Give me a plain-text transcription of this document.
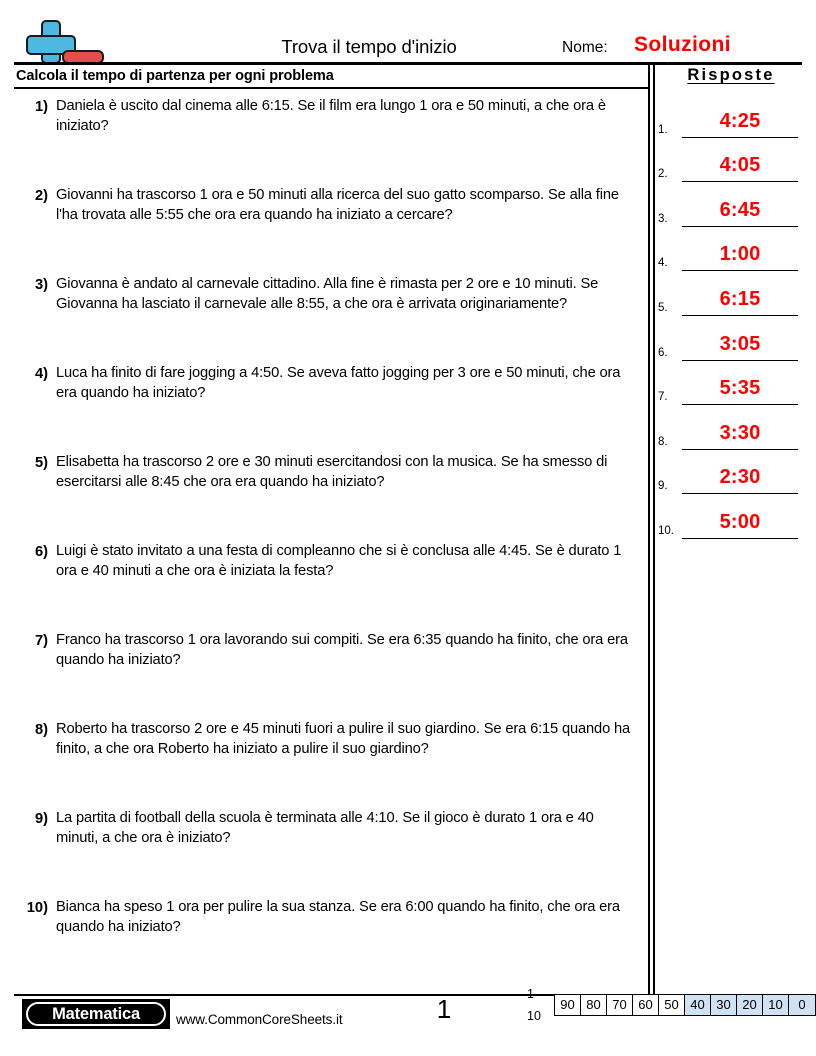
Trova il tempo d'inizio	Nome: Soluzioni
Calcola il tempo di partenza per ogni problema	Risposte
1) Daniela è uscito dal cinema alle 6:15. Se il film era lungo 1 ora e 50 minuti, a che ora è iniziato?
2) Giovanni ha trascorso 1 ora e 50 minuti alla ricerca del suo gatto scomparso. Se alla fine l'ha trovata alle 5:55 che ora era quando ha iniziato a cercare?
3) Giovanna è andato al carnevale cittadino. Alla fine è rimasta per 2 ore e 10 minuti. Se Giovanna ha lasciato il carnevale alle 8:55, a che ora è arrivata originariamente?
4) Luca ha finito di fare jogging a 4:50. Se aveva fatto jogging per 3 ore e 50 minuti, che ora era quando ha iniziato?
5) Elisabetta ha trascorso 2 ore e 30 minuti esercitandosi con la musica. Se ha smesso di esercitarsi alle 8:45 che ora era quando ha iniziato?
6) Luigi è stato invitato a una festa di compleanno che si è conclusa alle 4:45. Se è durato 1 ora e 40 minuti a che ora è iniziata la festa?
7) Franco ha trascorso 1 ora lavorando sui compiti. Se era 6:35 quando ha finito, che ora era quando ha iniziato?
8) Roberto ha trascorso 2 ore e 45 minuti fuori a pulire il suo giardino. Se era 6:15 quando ha finito, a che ora Roberto ha iniziato a pulire il suo giardino?
9) La partita di football della scuola è terminata alle 4:10. Se il gioco è durato 1 ora e 40 minuti, a che ora è iniziato?
10) Bianca ha speso 1 ora per pulire la sua stanza. Se era 6:00 quando ha finito, che ora era quando ha iniziato?
1.	4:25
2.	4:05
3.	6:45
4.	1:00
5.	6:15
6.	3:05
7.	5:35
8.	3:30
9.	2:30
10.	5:00
Matematica	www.CommonCoreSheets.it	1	1-10
90 80 70 60 50 40 30 20 10	0
